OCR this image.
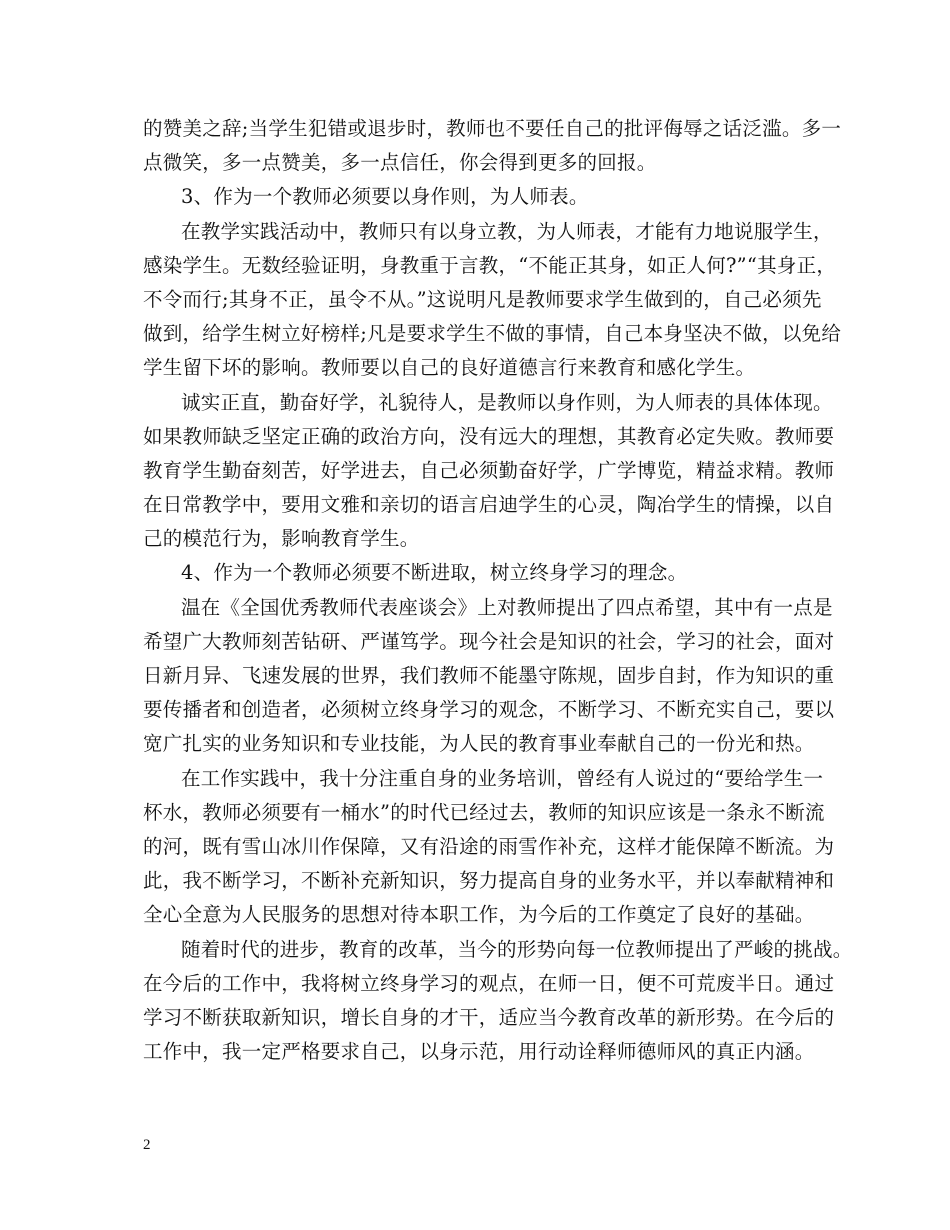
的赞美之辞;当学生犯错或退步时，教师也不要任自己的批评侮辱之话泛滥。多一
点微笑，多一点赞美，多一点信任，你会得到更多的回报。
3、作为一个教师必须要以身作则，为人师表。
在教学实践活动中，教师只有以身立教，为人师表，才能有力地说服学生，
感染学生。无数经验证明，身教重于言教，“不能正其身，如正人何?”“其身正，
不令而行;其身不正，虽令不从。”这说明凡是教师要求学生做到的，自己必须先
做到，给学生树立好榜样;凡是要求学生不做的事情，自己本身坚决不做，以免给
学生留下坏的影响。教师要以自己的良好道德言行来教育和感化学生。
诚实正直，勤奋好学，礼貌待人，是教师以身作则，为人师表的具体体现。
如果教师缺乏坚定正确的政治方向，没有远大的理想，其教育必定失败。教师要
教育学生勤奋刻苦，好学进去，自己必须勤奋好学，广学博览，精益求精。教师
在日常教学中，要用文雅和亲切的语言启迪学生的心灵，陶冶学生的情操，以自
己的模范行为，影响教育学生。
4、作为一个教师必须要不断进取，树立终身学习的理念。
温在《全国优秀教师代表座谈会》上对教师提出了四点希望，其中有一点是
希望广大教师刻苦钻研、严谨笃学。现今社会是知识的社会，学习的社会，面对
日新月异、飞速发展的世界，我们教师不能墨守陈规，固步自封，作为知识的重
要传播者和创造者，必须树立终身学习的观念，不断学习、不断充实自己，要以
宽广扎实的业务知识和专业技能，为人民的教育事业奉献自己的一份光和热。
在工作实践中，我十分注重自身的业务培训，曾经有人说过的“要给学生一
杯水，教师必须要有一桶水”的时代已经过去，教师的知识应该是一条永不断流
的河，既有雪山冰川作保障，又有沿途的雨雪作补充，这样才能保障不断流。为
此，我不断学习，不断补充新知识，努力提高自身的业务水平，并以奉献精神和
全心全意为人民服务的思想对待本职工作，为今后的工作奠定了良好的基础。
随着时代的进步，教育的改革，当今的形势向每一位教师提出了严峻的挑战。
在今后的工作中，我将树立终身学习的观点，在师一日，便不可荒废半日。通过
学习不断获取新知识，增长自身的才干，适应当今教育改革的新形势。在今后的
工作中，我一定严格要求自己，以身示范，用行动诠释师德师风的真正内涵。
2
